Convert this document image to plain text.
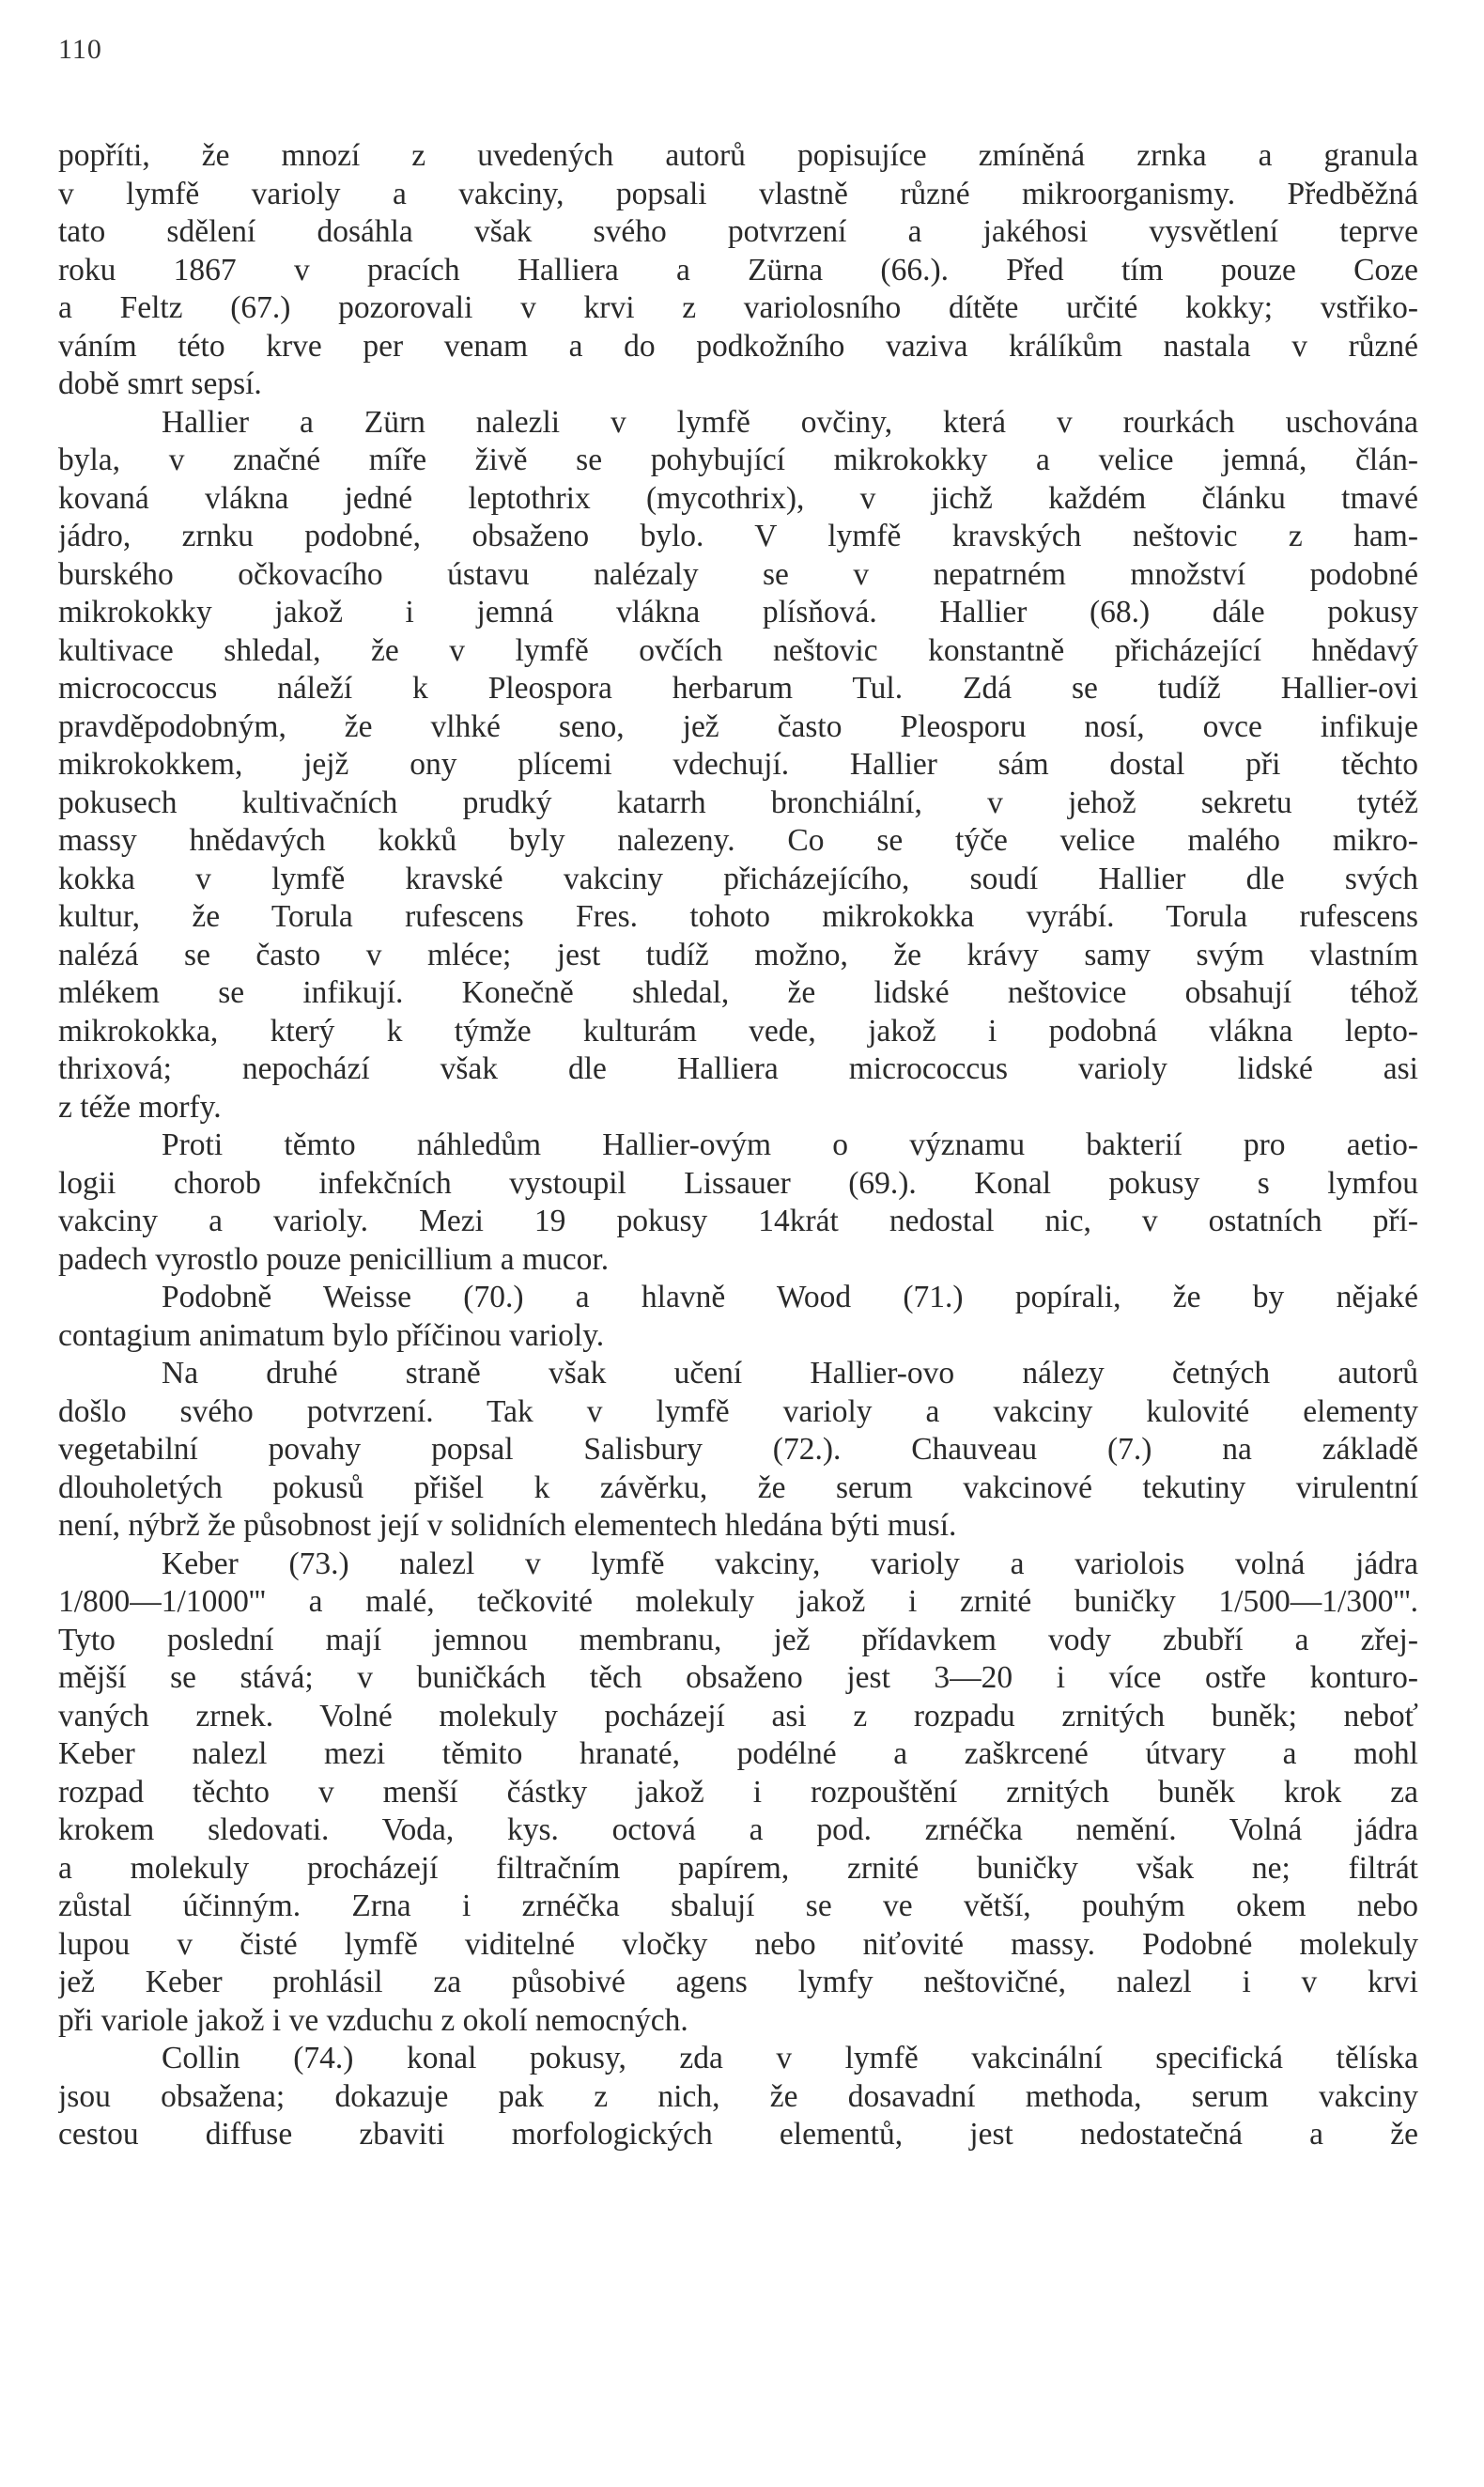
110
popříti, že mnozí z uvedených autorů popisujíce zmíněná zrnka a granula
v lymfě varioly a vakciny, popsali vlastně různé mikroorganismy. Předběžná
tato sdělení dosáhla však svého potvrzení a jakéhosi vysvětlení teprve
roku 1867 v pracích Halliera a Zürna (66.). Před tím pouze Coze
a Feltz (67.) pozorovali v krvi z variolosního dítěte určité kokky; vstřiko-
váním této krve per venam a do podkožního vaziva králíkům nastala v různé
době smrt sepsí.
Hallier a Zürn nalezli v lymfě ovčiny, která v rourkách uschována
byla, v značné míře živě se pohybující mikrokokky a velice jemná, člán-
kovaná vlákna jedné leptothrix (mycothrix), v jichž každém článku tmavé
jádro, zrnku podobné, obsaženo bylo. V lymfě kravských neštovic z ham-
burského očkovacího ústavu nalézaly se v nepatrném množství podobné
mikrokokky jakož i jemná vlákna plísňová. Hallier (68.) dále pokusy
kultivace shledal, že v lymfě ovčích neštovic konstantně přicházející hnědavý
micrococcus náleží k Pleospora herbarum Tul. Zdá se tudíž Hallier-ovi
pravděpodobným, že vlhké seno, jež často Pleosporu nosí, ovce infikuje
mikrokokkem, jejž ony plícemi vdechují. Hallier sám dostal při těchto
pokusech kultivačních prudký katarrh bronchiální, v jehož sekretu tytéž
massy hnědavých kokků byly nalezeny. Co se týče velice malého mikro-
kokka v lymfě kravské vakciny přicházejícího, soudí Hallier dle svých
kultur, že Torula rufescens Fres. tohoto mikrokokka vyrábí. Torula rufescens
nalézá se často v mléce; jest tudíž možno, že krávy samy svým vlastním
mlékem se infikují. Konečně shledal, že lidské neštovice obsahují téhož
mikrokokka, který k týmže kulturám vede, jakož i podobná vlákna lepto-
thrixová; nepochází však dle Halliera micrococcus varioly lidské asi
z téže morfy.
Proti těmto náhledům Hallier-ovým o významu bakterií pro aetio-
logii chorob infekčních vystoupil Lissauer (69.). Konal pokusy s lymfou
vakciny a varioly. Mezi 19 pokusy 14krát nedostal nic, v ostatních pří-
padech vyrostlo pouze penicillium a mucor.
Podobně Weisse (70.) a hlavně Wood (71.) popírali, že by nějaké
contagium animatum bylo příčinou varioly.
Na druhé straně však učení Hallier-ovo nálezy četných autorů
došlo svého potvrzení. Tak v lymfě varioly a vakciny kulovité elementy
vegetabilní povahy popsal Salisbury (72.). Chauveau (7.) na základě
dlouholetých pokusů přišel k závěrku, že serum vakcinové tekutiny virulentní
není, nýbrž že působnost její v solidních elementech hledána býti musí.
Keber (73.) nalezl v lymfě vakciny, varioly a variolois volná jádra
1/800—1/1000''' a malé, tečkovité molekuly jakož i zrnité buničky 1/500—1/300'''.
Tyto poslední mají jemnou membranu, jež přídavkem vody zbubří a zřej-
mější se stává; v buničkách těch obsaženo jest 3—20 i více ostře konturo-
vaných zrnek. Volné molekuly pocházejí asi z rozpadu zrnitých buněk; neboť
Keber nalezl mezi těmito hranaté, podélné a zaškrcené útvary a mohl
rozpad těchto v menší částky jakož i rozpouštění zrnitých buněk krok za
krokem sledovati. Voda, kys. octová a pod. zrnéčka nemění. Volná jádra
a molekuly procházejí filtračním papírem, zrnité buničky však ne; filtrát
zůstal účinným. Zrna i zrnéčka sbalují se ve větší, pouhým okem nebo
lupou v čisté lymfě viditelné vločky nebo niťovité massy. Podobné molekuly
jež Keber prohlásil za působivé agens lymfy neštovičné, nalezl i v krvi
při variole jakož i ve vzduchu z okolí nemocných.
Collin (74.) konal pokusy, zda v lymfě vakcinální specifická tělíska
jsou obsažena; dokazuje pak z nich, že dosavadní methoda, serum vakciny
cestou diffuse zbaviti morfologických elementů, jest nedostatečná a že
